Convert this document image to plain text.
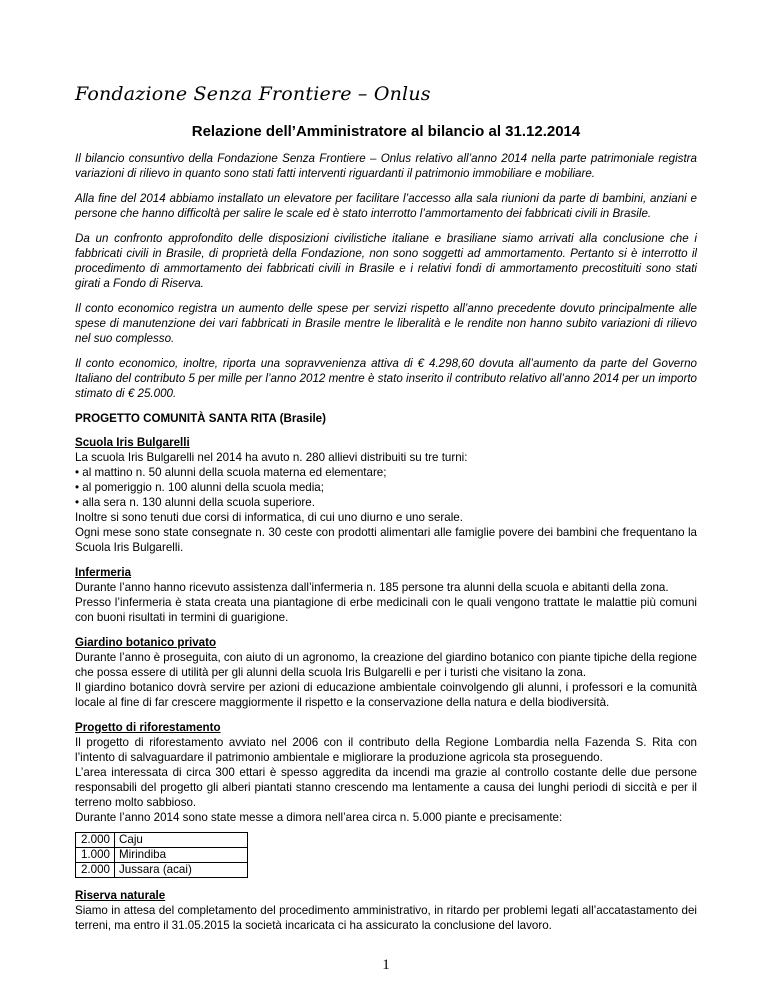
Fondazione Senza Frontiere – Onlus
Relazione dell’Amministratore al bilancio al 31.12.2014

Il bilancio consuntivo della Fondazione Senza Frontiere – Onlus relativo all’anno 2014 nella parte patrimoniale registra variazioni di rilievo in quanto sono stati fatti interventi riguardanti il patrimonio immobiliare e mobiliare.

Alla fine del 2014 abbiamo installato un elevatore per facilitare l’accesso alla sala riunioni da parte di bambini, anziani e persone che hanno difficoltà per salire le scale ed è stato interrotto l’ammortamento dei fabbricati civili in Brasile.

Da un confronto approfondito delle disposizioni civilistiche italiane e brasiliane siamo arrivati alla conclusione che i fabbricati civili in Brasile, di proprietà della Fondazione, non sono soggetti ad ammortamento. Pertanto si è interrotto il procedimento di ammortamento dei fabbricati civili in Brasile e i relativi fondi di ammortamento precostituiti sono stati girati a Fondo di Riserva.

Il conto economico registra un aumento delle spese per servizi rispetto all’anno precedente dovuto principalmente alle spese di manutenzione dei vari fabbricati in Brasile mentre le liberalità e le rendite non hanno subito variazioni di rilievo nel suo complesso.

Il conto economico, inoltre, riporta una sopravvenienza attiva di € 4.298,60 dovuta all’aumento da parte del Governo Italiano del contributo 5 per mille per l’anno 2012 mentre è stato inserito il contributo relativo all’anno 2014 per un importo stimato di € 25.000.

PROGETTO COMUNITÀ SANTA RITA (Brasile)
Scuola Iris Bulgarelli
La scuola Iris Bulgarelli nel 2014 ha avuto n. 280 allievi distribuiti su tre turni:
• al mattino n. 50 alunni della scuola materna ed elementare;
• al pomeriggio n. 100 alunni della scuola media;
• alla sera n. 130 alunni della scuola superiore.
Inoltre si sono tenuti due corsi di informatica, di cui uno diurno e uno serale.
Ogni mese sono state consegnate n. 30 ceste con prodotti alimentari alle famiglie povere dei bambini che frequentano la Scuola Iris Bulgarelli.
Infermeria
Durante l’anno hanno ricevuto assistenza dall’infermeria n. 185 persone tra alunni della scuola e abitanti della zona.
Presso l’infermeria è stata creata una piantagione di erbe medicinali con le quali vengono trattate le malattie più comuni con buoni risultati in termini di guarigione.
Giardino botanico privato
Durante l’anno è proseguita, con aiuto di un agronomo, la creazione del giardino botanico con piante tipiche della regione che possa essere di utilità per gli alunni della scuola Iris Bulgarelli e per i turisti che visitano la zona.
Il giardino botanico dovrà servire per azioni di educazione ambientale coinvolgendo gli alunni, i professori e la comunità locale al fine di far crescere maggiormente il rispetto e la conservazione della natura e della biodiversità.
Progetto di riforestamento
Il progetto di riforestamento avviato nel 2006 con il contributo della Regione Lombardia nella Fazenda S. Rita con l’intento di salvaguardare il patrimonio ambientale e migliorare la produzione agricola sta proseguendo.
L’area interessata di circa 300 ettari è spesso aggredita da incendi ma grazie al controllo costante delle due persone responsabili del progetto gli alberi piantati stanno crescendo ma lentamente a causa dei lunghi periodi di siccità e per il terreno molto sabbioso.
Durante l’anno 2014 sono state messe a dimora nell’area circa n. 5.000 piante e precisamente:
2.000	Caju
1.000	Mirindiba
2.000	Jussara (acai)
Riserva naturale
Siamo in attesa del completamento del procedimento amministrativo, in ritardo per problemi legati all’accatastamento dei terreni, ma entro il 31.05.2015 la società incaricata ci ha assicurato la conclusione del lavoro.
1
